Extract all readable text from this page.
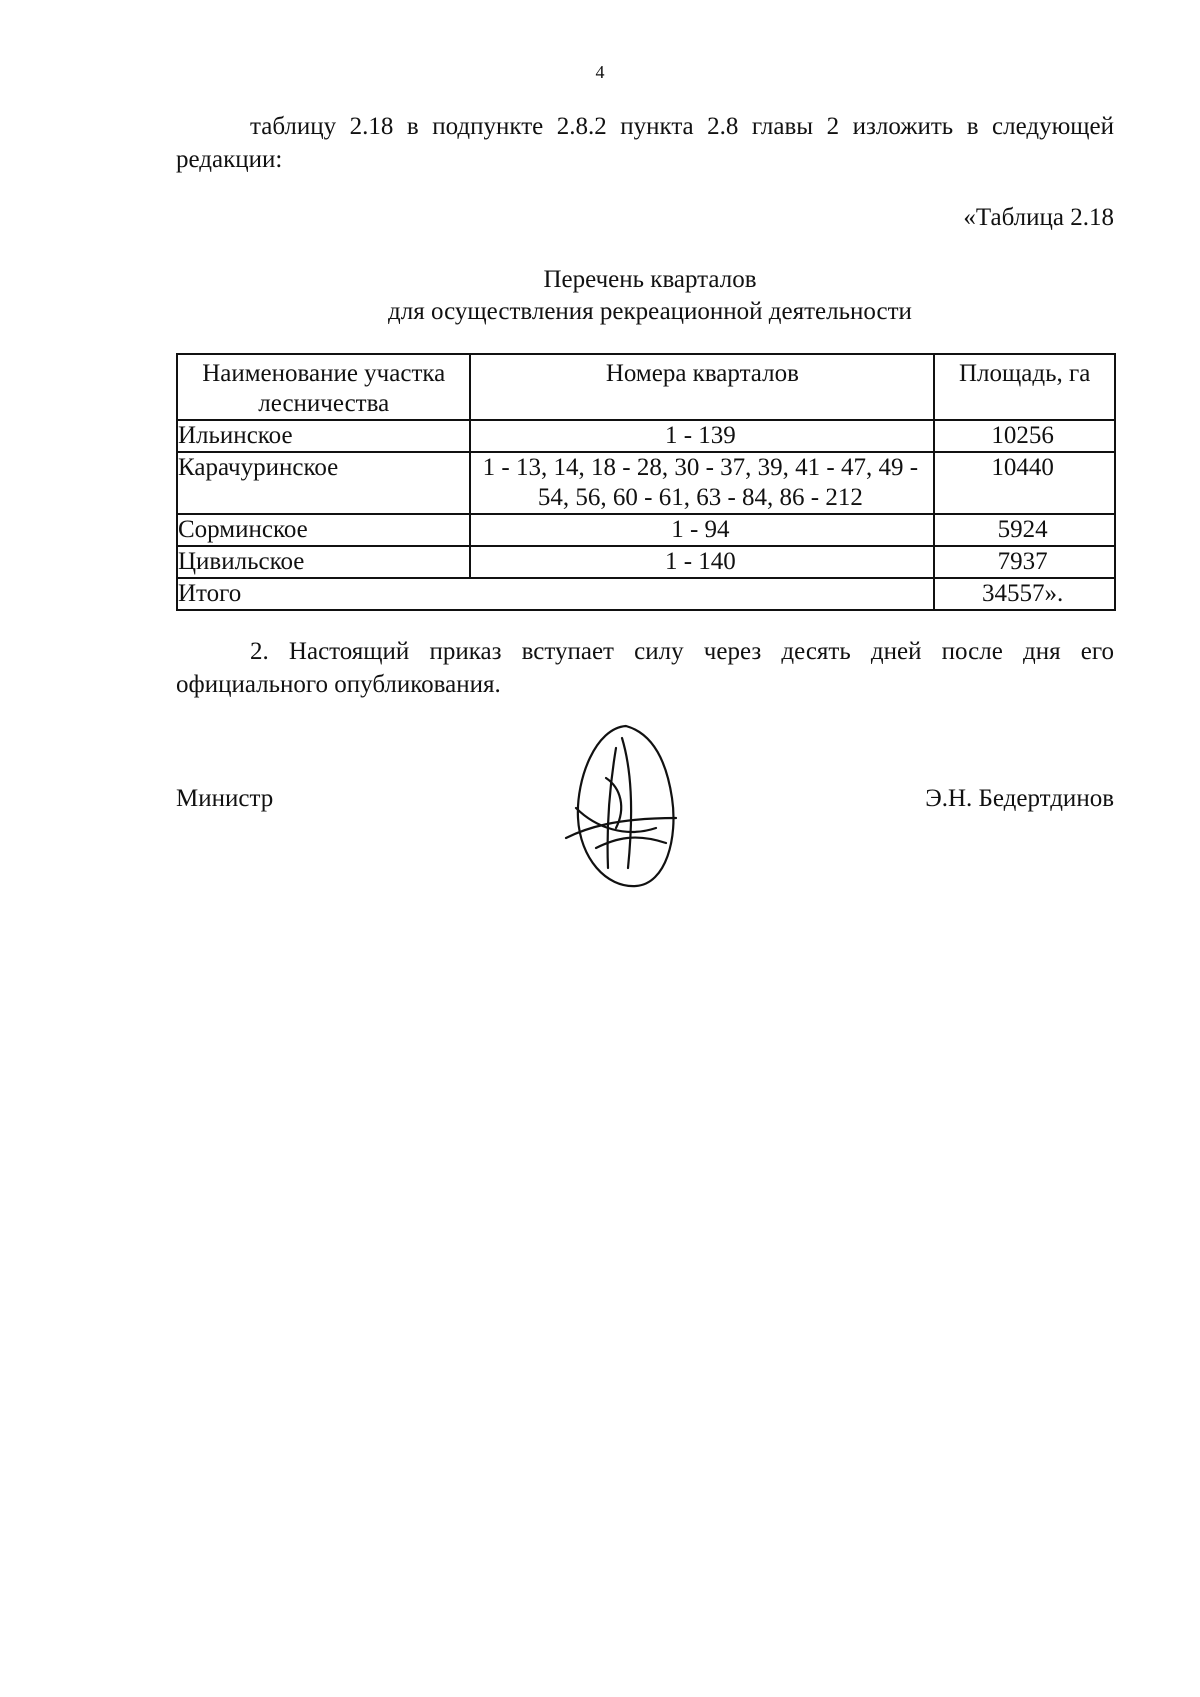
4

таблицу 2.18 в подпункте 2.8.2 пункта 2.8 главы 2 изложить в следующей редакции:

«Таблица 2.18
Перечень кварталов
для осуществления рекреационной деятельности
Наименование участка лесничества	Номера кварталов	Площадь, га
Ильинское	1 - 139	10256
Карачуринское	1 - 13, 14, 18 - 28, 30 - 37, 39, 41 - 47, 49 - 54, 56, 60 - 61, 63 - 84, 86 - 212	10440
Сорминское	1 - 94	5924
Цивильское	1 - 140	7937
Итого		34557».

2. Настоящий приказ вступает силу через десять дней после дня его официального опубликования.

Министр	Э.Н. Бедертдинов
